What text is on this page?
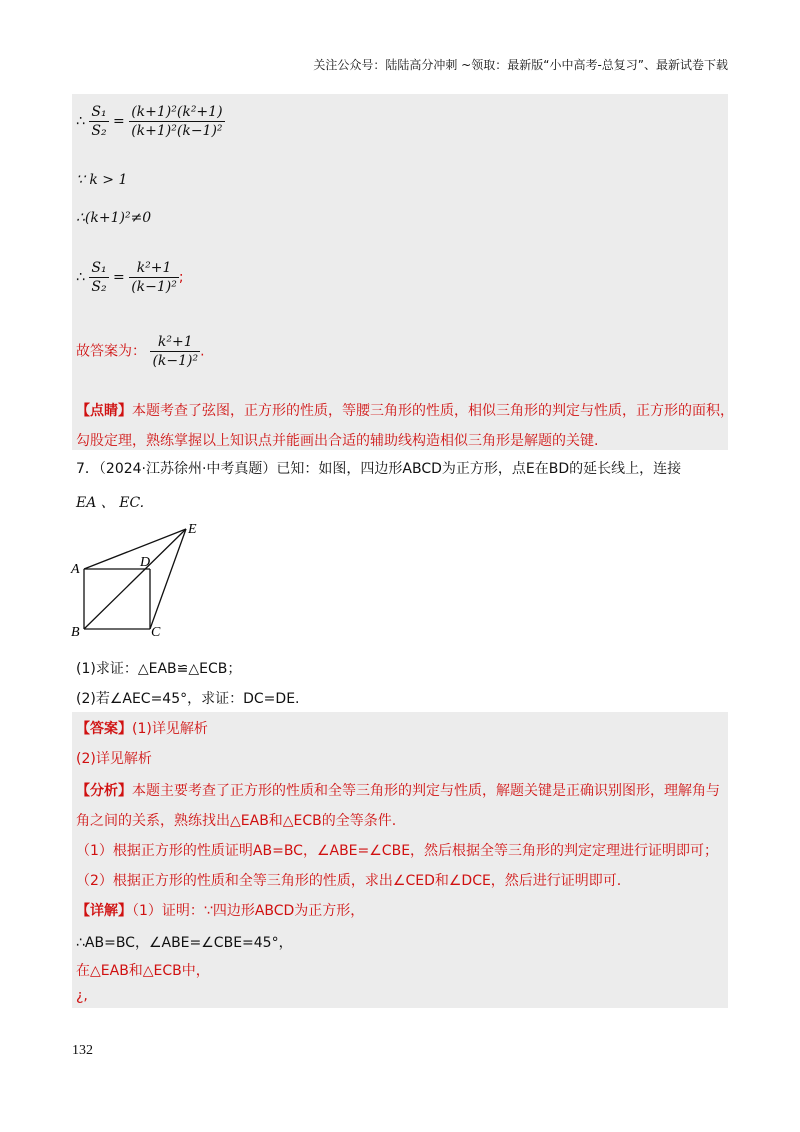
关注公众号：陆陆高分冲刺 ~领取：最新版“小中高考-总复习”、最新试卷下载
∴ $\frac{\text{S₁}}{\text{S₂}} = \frac{\text{(k+1)²(k²+1)}}{\text{(k+1)²(k−1)²}}$
∵ k > 1
∴(k+1)²≠0
∴ $\frac{\text{S₁}}{\text{S₂}} = \frac{\text{k²+1}}{\text{(k−1)²}}$ ;
故答案为： $\frac{\text{k²+1}}{\text{(k−1)²}}$ .
【点睛】本题考查了弦图，正方形的性质，等腰三角形的性质，相似三角形的判定与性质，正方形的面积，
勾股定理，熟练掌握以上知识点并能画出合适的辅助线构造相似三角形是解题的关键.
7．（2024·江苏徐州·中考真题）已知：如图，四边形ABCD为正方形，点E在BD的延长线上，连接
EA 、 EC.
A
B	C
D
E
(1)求证：△EAB≌△ECB；
(2)若∠AEC=45°，求证：DC=DE.
【答案】(1)详见解析
(2)详见解析
【分析】本题主要考查了正方形的性质和全等三角形的判定与性质，解题关键是正确识别图形，理解角与
角之间的关系，熟练找出△EAB和△ECB的全等条件.
（1）根据正方形的性质证明AB=BC，∠ABE=∠CBE，然后根据全等三角形的判定定理进行证明即可；
（2）根据正方形的性质和全等三角形的性质，求出∠CED和∠DCE，然后进行证明即可.
【详解】（1）证明：∵四边形ABCD为正方形，
∴AB=BC，∠ABE=∠CBE=45°，
在△EAB和△ECB中，
¿,
132
